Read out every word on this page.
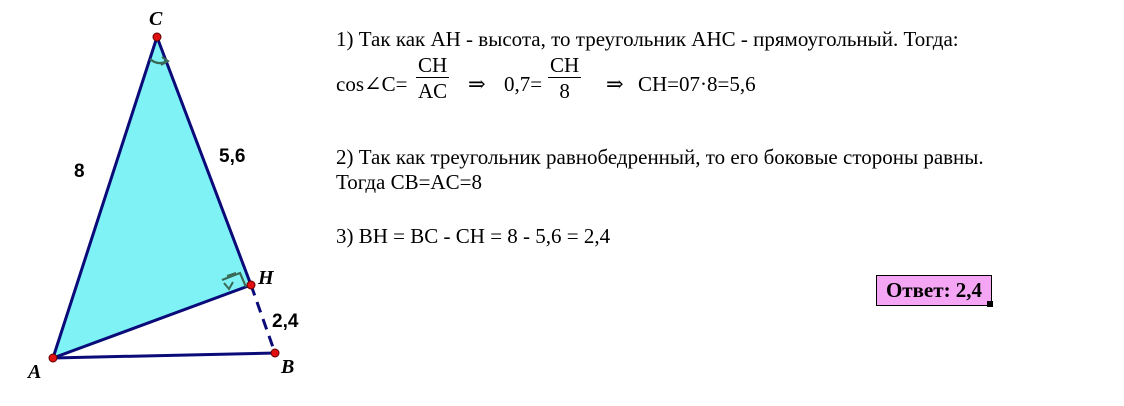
C
H
A	B
8
5,6
2,4
1) Так как АН - высота, то треугольник АНС - прямоугольный. Тогда:
cos∠C= $\frac{CH}{AC}$ ⇒ $0,7= \frac{CH}{8}$ ⇒ CH=07·8=5,6
2) Так как треугольник равнобедренный, то его боковые стороны равны.
Тогда CB=AC=8
3) BH = BC - CH = 8 - 5,6 = 2,4
Ответ: 2,4
